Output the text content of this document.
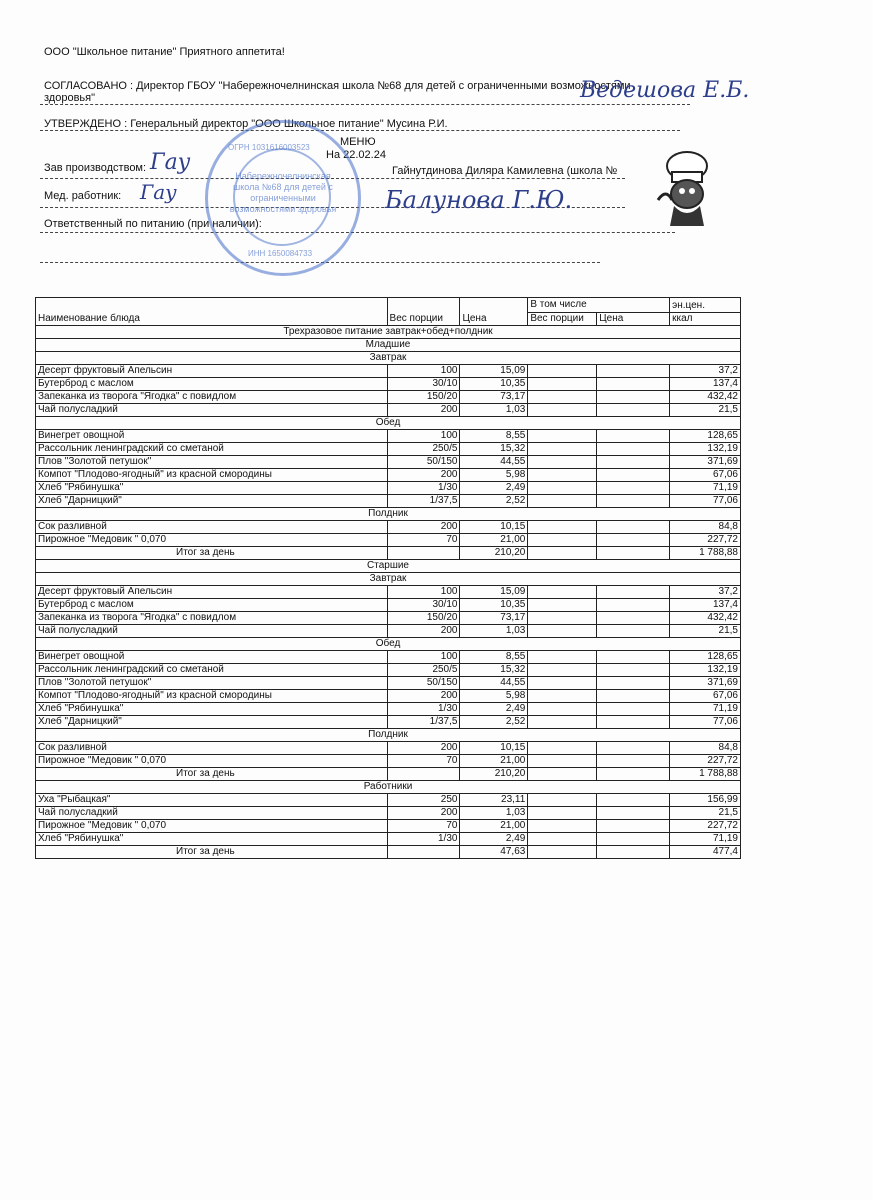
ООО "Школьное питание" Приятного аппетита!
СОГЛАСОВАНО : Директор ГБОУ "Набережночелнинская школа №68 для детей с ограниченными возможностями
здоровья"
УТВЕРЖДЕНО : Генеральный директор "ООО Школьное питание" Мусина Р.И.
МЕНЮ
На 22.02.24
Зав производством:	Гайнутдинова Диляра Камилевна (школа №
Мед. работник:
Ответственный по питанию (при наличии):
Набережночелнинская школа №68 для детей с ограниченными возможностями здоровья
ОГРН 1031616003523
ИНН 1650084733
Ведешова Е.Б.
Гау
Гау	Балунова Г.Ю.
Наименование блюда	Вес порции	Цена	В том числе		эн.цен.
			Вес порции	Цена	ккал
Трехразовое питание завтрак+обед+полдник					
Младшие					
Завтрак					
Десерт фруктовый Апельсин	100	15,09			37,2
Бутерброд с маслом	30/10	10,35			137,4
Запеканка из творога "Ягодка" с повидлом	150/20	73,17			432,42
Чай полусладкий	200	1,03			21,5
Обед					
Винегрет овощной	100	8,55			128,65
Рассольник ленинградский со сметаной	250/5	15,32			132,19
Плов "Золотой петушок"	50/150	44,55			371,69
Компот "Плодово-ягодный" из красной смородины	200	5,98			67,06
Хлеб "Рябинушка"	1/30	2,49			71,19
Хлеб "Дарницкий"	1/37,5	2,52			77,06
Полдник					
Сок разливной	200	10,15			84,8
Пирожное "Медовик " 0,070	70	21,00			227,72
Итог за день		210,20			1 788,88
Старшие					
Завтрак					
Десерт фруктовый Апельсин	100	15,09			37,2
Бутерброд с маслом	30/10	10,35			137,4
Запеканка из творога "Ягодка" с повидлом	150/20	73,17			432,42
Чай полусладкий	200	1,03			21,5
Обед					
Винегрет овощной	100	8,55			128,65
Рассольник ленинградский со сметаной	250/5	15,32			132,19
Плов "Золотой петушок"	50/150	44,55			371,69
Компот "Плодово-ягодный" из красной смородины	200	5,98			67,06
Хлеб "Рябинушка"	1/30	2,49			71,19
Хлеб "Дарницкий"	1/37,5	2,52			77,06
Полдник					
Сок разливной	200	10,15			84,8
Пирожное "Медовик " 0,070	70	21,00			227,72
Итог за день		210,20			1 788,88
Работники					
Уха "Рыбацкая"	250	23,11			156,99
Чай полусладкий	200	1,03			21,5
Пирожное "Медовик " 0,070	70	21,00			227,72
Хлеб "Рябинушка"	1/30	2,49			71,19
Итог за день		47,63			477,4
